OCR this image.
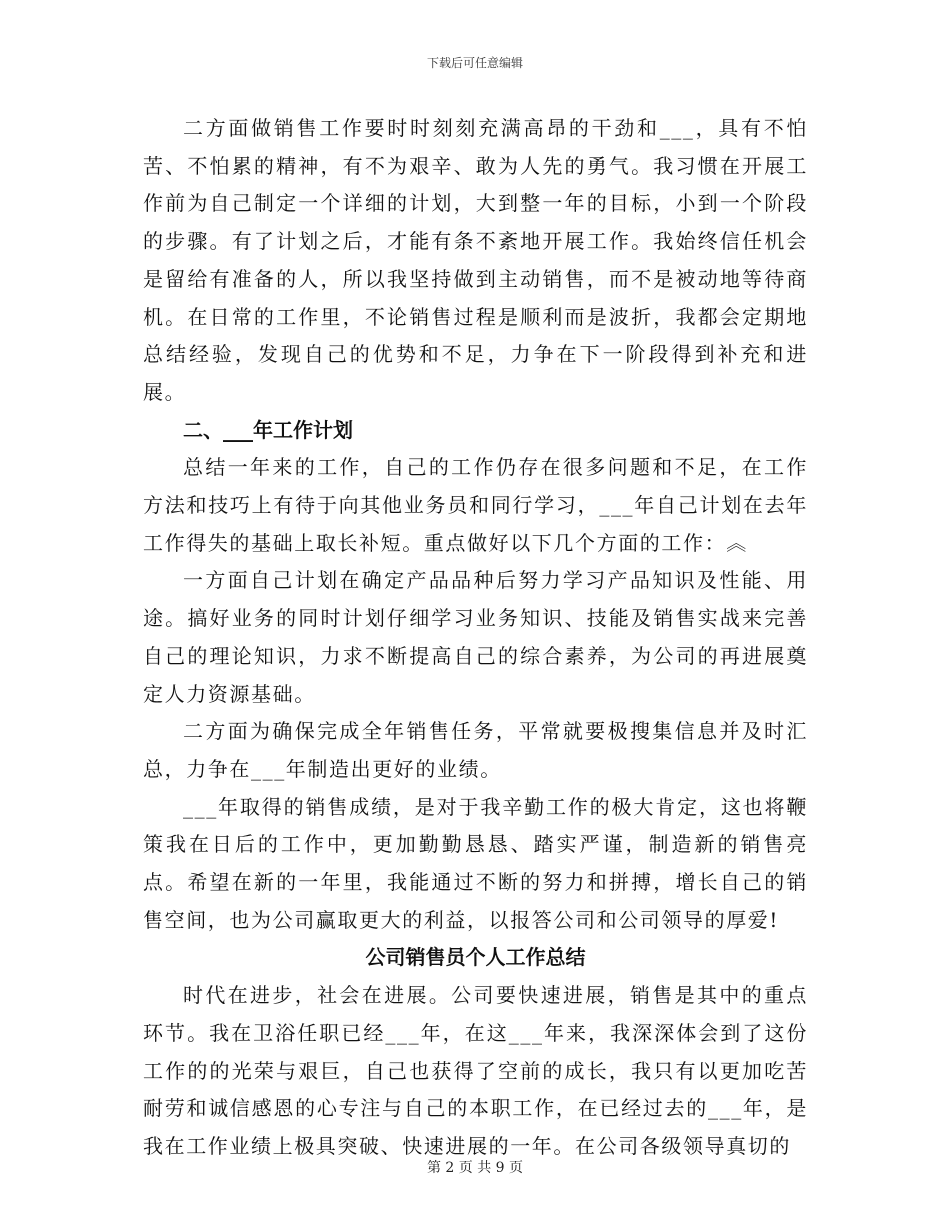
下载后可任意编辑

二方面做销售工作要时时刻刻充满高昂的干劲和___，具有不怕苦、不怕累的精神，有不为艰辛、敢为人先的勇气。我习惯在开展工作前为自己制定一个详细的计划，大到整一年的目标，小到一个阶段的步骤。有了计划之后，才能有条不紊地开展工作。我始终信任机会是留给有准备的人，所以我坚持做到主动销售，而不是被动地等待商机。在日常的工作里，不论销售过程是顺利而是波折，我都会定期地总结经验，发现自己的优势和不足，力争在下一阶段得到补充和进展。

二、___年工作计划

总结一年来的工作，自己的工作仍存在很多问题和不足，在工作方法和技巧上有待于向其他业务员和同行学习，___年自己计划在去年工作得失的基础上取长补短。重点做好以下几个方面的工作：︽

一方面自己计划在确定产品品种后努力学习产品知识及性能、用途。搞好业务的同时计划仔细学习业务知识、技能及销售实战来完善自己的理论知识，力求不断提高自己的综合素养，为公司的再进展奠定人力资源基础。

二方面为确保完成全年销售任务，平常就要极搜集信息并及时汇总，力争在___年制造出更好的业绩。

___年取得的销售成绩，是对于我辛勤工作的极大肯定，这也将鞭策我在日后的工作中，更加勤勤恳恳、踏实严谨，制造新的销售亮点。希望在新的一年里，我能通过不断的努力和拼搏，增长自己的销售空间，也为公司赢取更大的利益，以报答公司和公司领导的厚爱!

公司销售员个人工作总结

时代在进步，社会在进展。公司要快速进展，销售是其中的重点环节。我在卫浴任职已经___年，在这___年来，我深深体会到了这份工作的的光荣与艰巨，自己也获得了空前的成长，我只有以更加吃苦耐劳和诚信感恩的心专注与自己的本职工作，在已经过去的___年，是我在工作业绩上极具突破、快速进展的一年。在公司各级领导真切的

第 2 页 共 9 页
